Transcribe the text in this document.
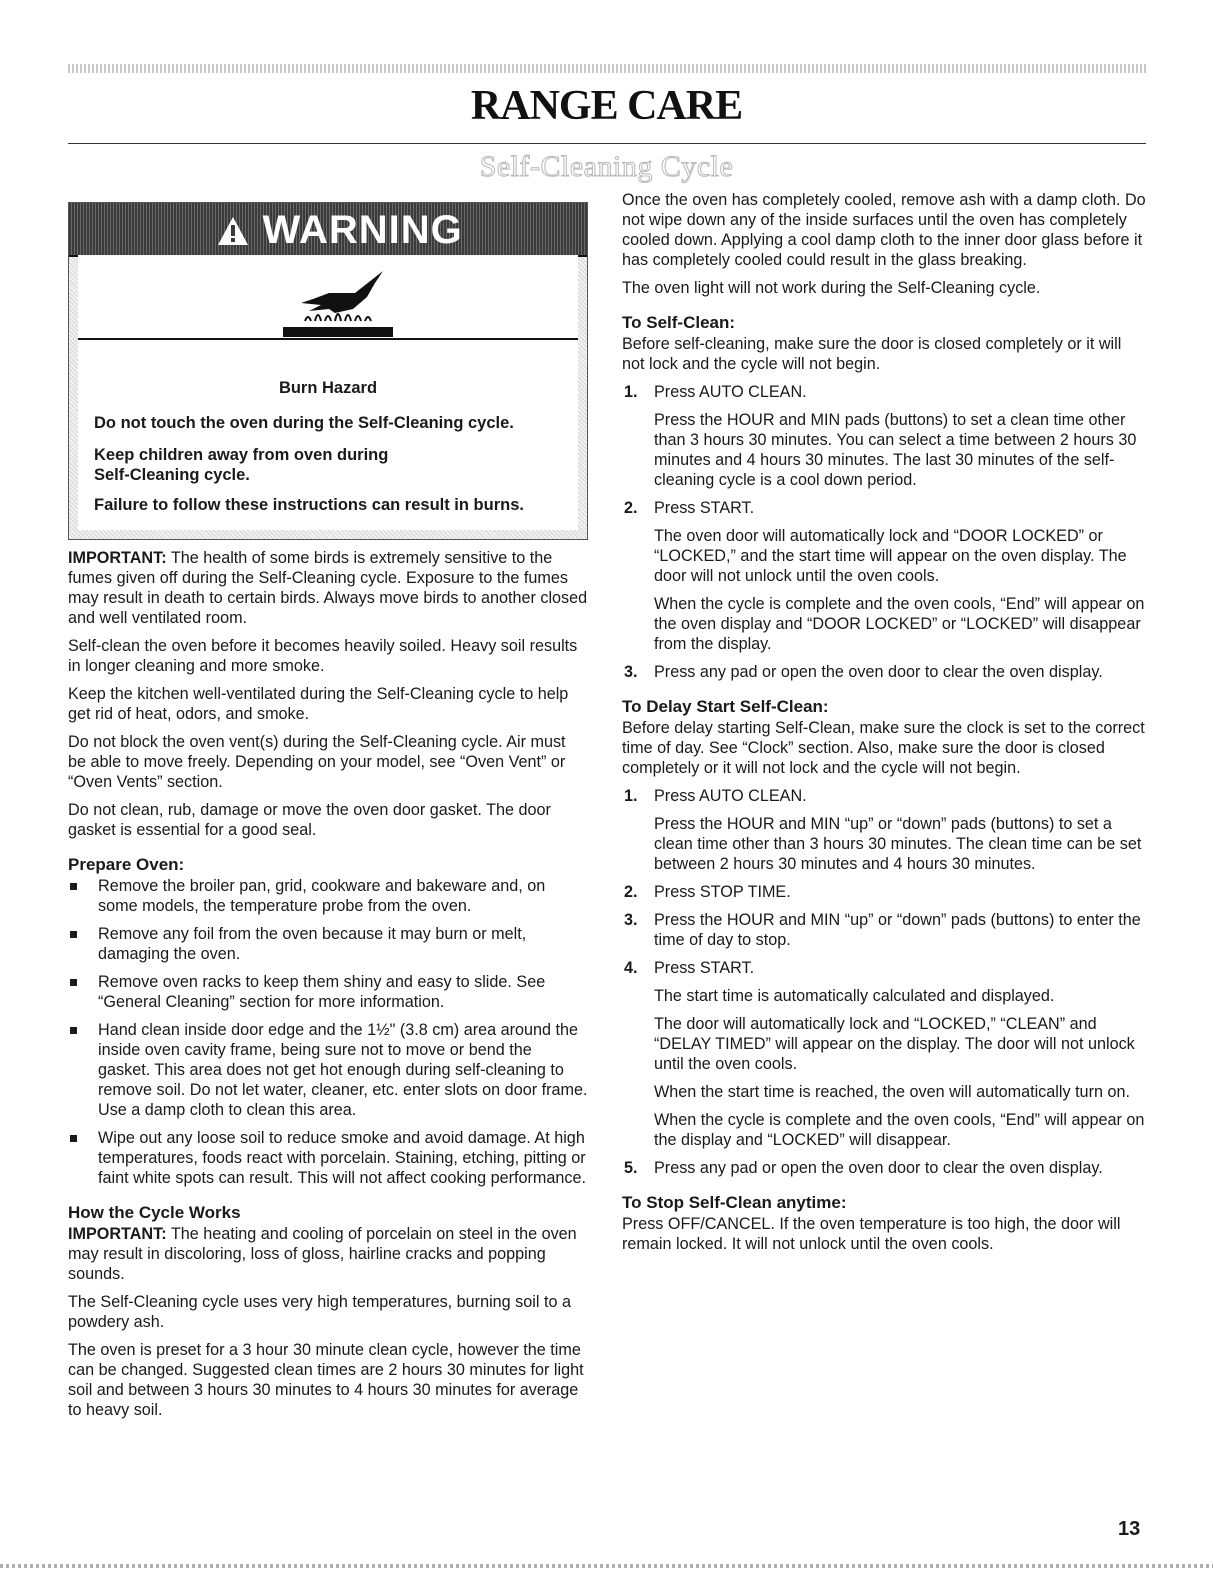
RANGE CARE
Self-Cleaning Cycle
WARNING
Burn Hazard
Do not touch the oven during the Self-Cleaning cycle.
Keep children away from oven during
Self-Cleaning cycle.
Failure to follow these instructions can result in burns.

IMPORTANT: The health of some birds is extremely sensitive to the fumes given off during the Self-Cleaning cycle. Exposure to the fumes may result in death to certain birds. Always move birds to another closed and well ventilated room.

Self-clean the oven before it becomes heavily soiled. Heavy soil results in longer cleaning and more smoke.

Keep the kitchen well-ventilated during the Self-Cleaning cycle to help get rid of heat, odors, and smoke.

Do not block the oven vent(s) during the Self-Cleaning cycle. Air must be able to move freely. Depending on your model, see “Oven Vent” or “Oven Vents” section.

Do not clean, rub, damage or move the oven door gasket. The door gasket is essential for a good seal.

Prepare Oven:
Remove the broiler pan, grid, cookware and bakeware and, on some models, the temperature probe from the oven.
Remove any foil from the oven because it may burn or melt, damaging the oven.
Remove oven racks to keep them shiny and easy to slide. See “General Cleaning” section for more information.
Hand clean inside door edge and the 1½" (3.8 cm) area around the inside oven cavity frame, being sure not to move or bend the gasket. This area does not get hot enough during self-cleaning to remove soil. Do not let water, cleaner, etc. enter slots on door frame. Use a damp cloth to clean this area.
Wipe out any loose soil to reduce smoke and avoid damage. At high temperatures, foods react with porcelain. Staining, etching, pitting or faint white spots can result. This will not affect cooking performance.
How the Cycle Works

IMPORTANT: The heating and cooling of porcelain on steel in the oven may result in discoloring, loss of gloss, hairline cracks and popping sounds.

The Self-Cleaning cycle uses very high temperatures, burning soil to a powdery ash.

The oven is preset for a 3 hour 30 minute clean cycle, however the time can be changed. Suggested clean times are 2 hours 30 minutes for light soil and between 3 hours 30 minutes to 4 hours 30 minutes for average to heavy soil.

Once the oven has completely cooled, remove ash with a damp cloth. Do not wipe down any of the inside surfaces until the oven has completely cooled down. Applying a cool damp cloth to the inner door glass before it has completely cooled could result in the glass breaking.

The oven light will not work during the Self-Cleaning cycle.

To Self-Clean:

Before self-cleaning, make sure the door is closed completely or it will not lock and the cycle will not begin.

1. Press AUTO CLEAN.
Press the HOUR and MIN pads (buttons) to set a clean time other than 3 hours 30 minutes. You can select a time between 2 hours 30 minutes and 4 hours 30 minutes. The last 30 minutes of the self-cleaning cycle is a cool down period.
2. Press START.
The oven door will automatically lock and “DOOR LOCKED” or “LOCKED,” and the start time will appear on the oven display. The door will not unlock until the oven cools.
When the cycle is complete and the oven cools, “End” will appear on the oven display and “DOOR LOCKED” or “LOCKED” will disappear from the display.
3. Press any pad or open the oven door to clear the oven display.
To Delay Start Self-Clean:

Before delay starting Self-Clean, make sure the clock is set to the correct time of day. See “Clock” section. Also, make sure the door is closed completely or it will not lock and the cycle will not begin.

1. Press AUTO CLEAN.
Press the HOUR and MIN “up” or “down” pads (buttons) to set a clean time other than 3 hours 30 minutes. The clean time can be set between 2 hours 30 minutes and 4 hours 30 minutes.
2. Press STOP TIME.
3. Press the HOUR and MIN “up” or “down” pads (buttons) to enter the time of day to stop.
4. Press START.
The start time is automatically calculated and displayed.
The door will automatically lock and “LOCKED,” “CLEAN” and “DELAY TIMED” will appear on the display. The door will not unlock until the oven cools.
When the start time is reached, the oven will automatically turn on.
When the cycle is complete and the oven cools, “End” will appear on the display and “LOCKED” will disappear.
5. Press any pad or open the oven door to clear the oven display.
To Stop Self-Clean anytime:

Press OFF/CANCEL. If the oven temperature is too high, the door will remain locked. It will not unlock until the oven cools.

13
